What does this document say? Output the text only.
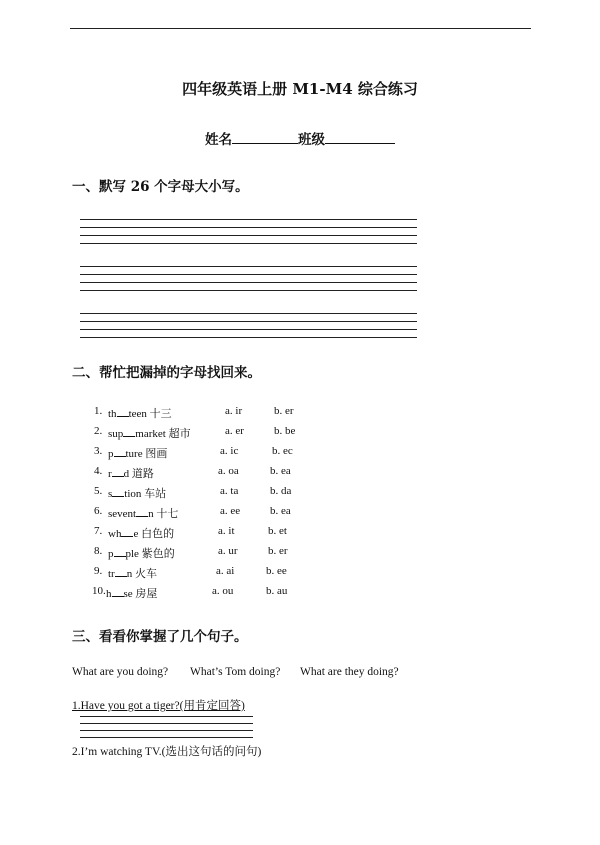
四年级英语上册 M1-M4 综合练习
姓名	班级
一、默写 26 个字母大小写。
二、帮忙把漏掉的字母找回来。
1. th teen 十三	a. ir	b. er
2. sup market 超市	a. er	b. be
3. p ture 图画	a. ic	b. ec
4. r d 道路	a. oa	b. ea
5. s tion 车站	a. ta	b. da
6. sevent n 十七	a. ee	b. ea
7. wh e 白色的	a. it	b. et
8. p ple 紫色的	a. ur	b. er
9. tr n 火车	a. ai	b. ee
10. h se 房屋	a. ou	b. au
三、看看你掌握了几个句子。
What are you doing? What’s Tom doing? What are they doing?
1.Have you got a tiger?(用肯定回答)
2.I’m watching TV.(选出这句话的问句)
